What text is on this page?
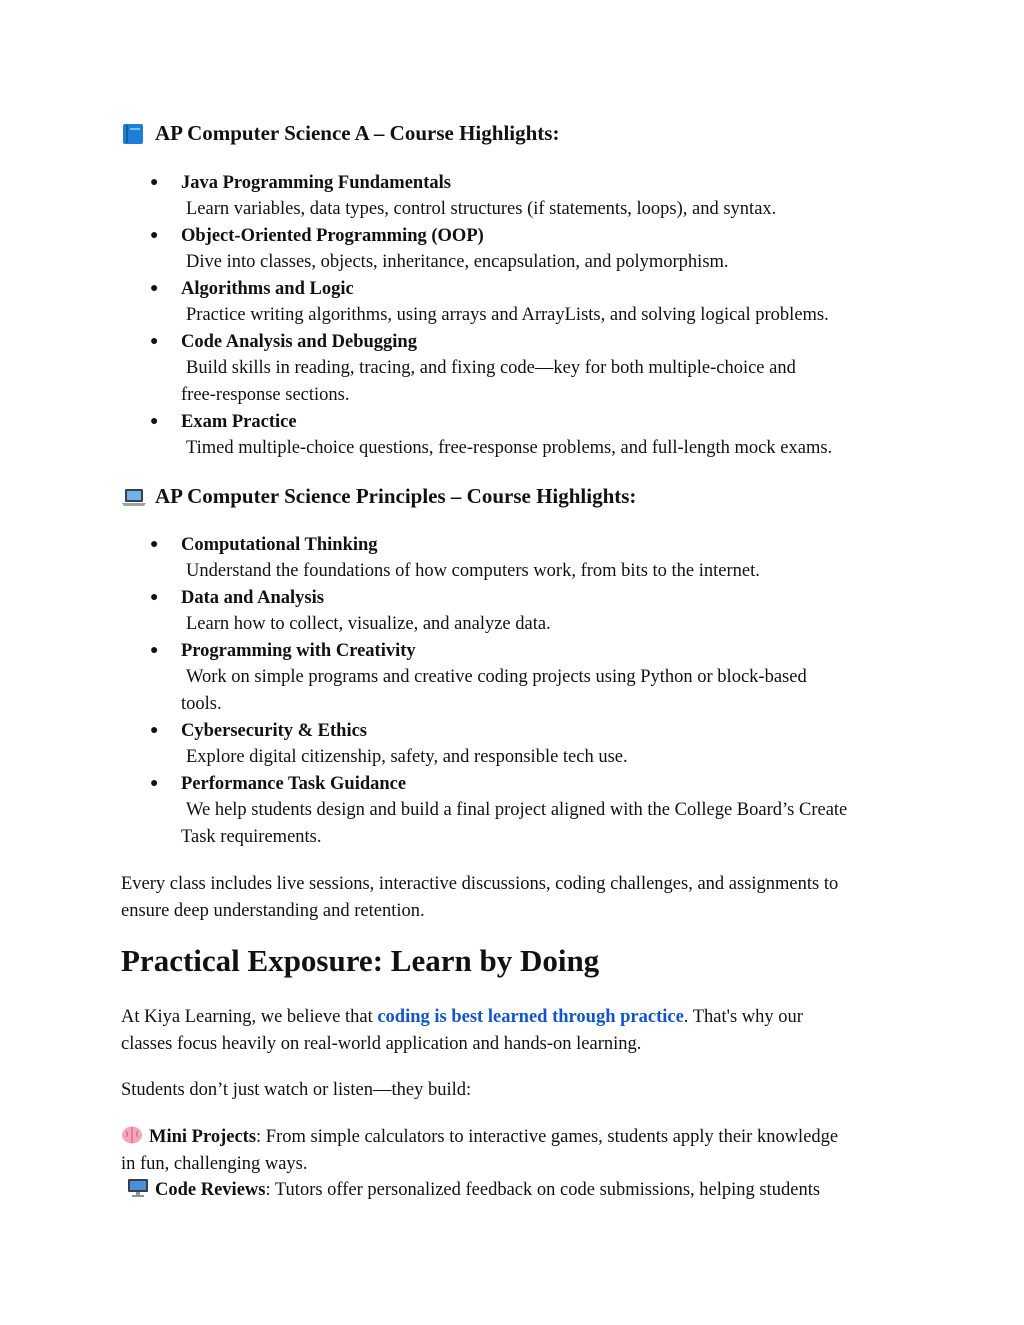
AP Computer Science A – Course Highlights:
● Java Programming Fundamentals
Learn variables, data types, control structures (if statements, loops), and syntax.
● Object-Oriented Programming (OOP)
Dive into classes, objects, inheritance, encapsulation, and polymorphism.
● Algorithms and Logic
Practice writing algorithms, using arrays and ArrayLists, and solving logical problems.
● Code Analysis and Debugging
Build skills in reading, tracing, and fixing code—key for both multiple-choice and
free-response sections.
● Exam Practice
Timed multiple-choice questions, free-response problems, and full-length mock exams.
AP Computer Science Principles – Course Highlights:
● Computational Thinking
Understand the foundations of how computers work, from bits to the internet.
● Data and Analysis
Learn how to collect, visualize, and analyze data.
● Programming with Creativity
Work on simple programs and creative coding projects using Python or block-based
tools.
● Cybersecurity & Ethics
Explore digital citizenship, safety, and responsible tech use.
● Performance Task Guidance
We help students design and build a final project aligned with the College Board’s Create
Task requirements.
Every class includes live sessions, interactive discussions, coding challenges, and assignments to
ensure deep understanding and retention.
Practical Exposure: Learn by Doing
At Kiya Learning, we believe that coding is best learned through practice. That's why our
classes focus heavily on real-world application and hands-on learning.
Students don’t just watch or listen—they build:
Mini Projects: From simple calculators to interactive games, students apply their knowledge
in fun, challenging ways.
Code Reviews: Tutors offer personalized feedback on code submissions, helping students
